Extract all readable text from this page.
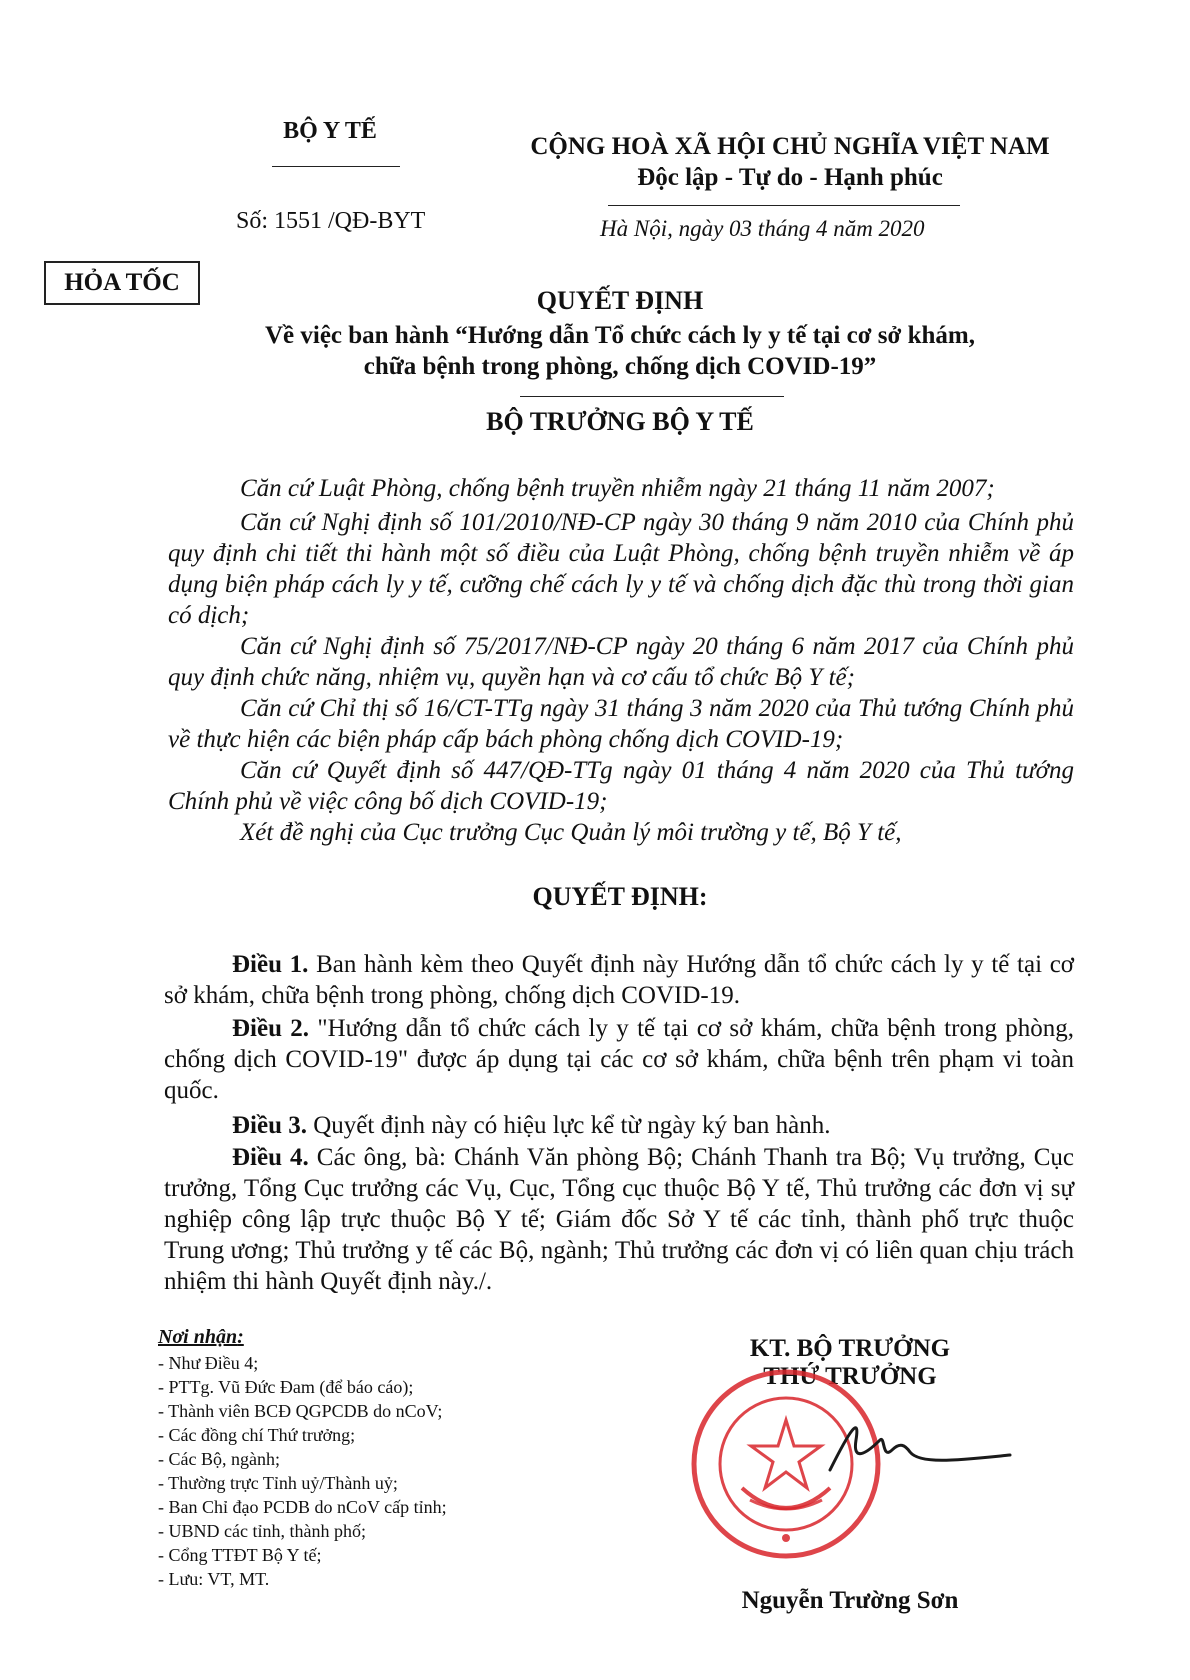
BỘ Y TẾ
CỘNG HOÀ XÃ HỘI CHỦ NGHĨA VIỆT NAM
Độc lập - Tự do - Hạnh phúc
Số: 1551 /QĐ-BYT	Hà Nội, ngày 03 tháng 4 năm 2020
HỎA TỐC
QUYẾT ĐỊNH
Về việc ban hành “Hướng dẫn Tổ chức cách ly y tế tại cơ sở khám,
chữa bệnh trong phòng, chống dịch COVID-19”
BỘ TRƯỞNG BỘ Y TẾ
Căn cứ Luật Phòng, chống bệnh truyền nhiễm ngày 21 tháng 11 năm 2007;
Căn cứ Nghị định số 101/2010/NĐ-CP ngày 30 tháng 9 năm 2010 của Chính phủ quy định chi tiết thi hành một số điều của Luật Phòng, chống bệnh truyền nhiễm về áp dụng biện pháp cách ly y tế, cưỡng chế cách ly y tế và chống dịch đặc thù trong thời gian có dịch;
Căn cứ Nghị định số 75/2017/NĐ-CP ngày 20 tháng 6 năm 2017 của Chính phủ quy định chức năng, nhiệm vụ, quyền hạn và cơ cấu tổ chức Bộ Y tế;
Căn cứ Chỉ thị số 16/CT-TTg ngày 31 tháng 3 năm 2020 của Thủ tướng Chính phủ về thực hiện các biện pháp cấp bách phòng chống dịch COVID-19;
Căn cứ Quyết định số 447/QĐ-TTg ngày 01 tháng 4 năm 2020 của Thủ tướng Chính phủ về việc công bố dịch COVID-19;
Xét đề nghị của Cục trưởng Cục Quản lý môi trường y tế, Bộ Y tế,
QUYẾT ĐỊNH:
Điều 1. Ban hành kèm theo Quyết định này Hướng dẫn tổ chức cách ly y tế tại cơ sở khám, chữa bệnh trong phòng, chống dịch COVID-19.
Điều 2. "Hướng dẫn tổ chức cách ly y tế tại cơ sở khám, chữa bệnh trong phòng, chống dịch COVID-19" được áp dụng tại các cơ sở khám, chữa bệnh trên phạm vi toàn quốc.
Điều 3. Quyết định này có hiệu lực kể từ ngày ký ban hành.
Điều 4. Các ông, bà: Chánh Văn phòng Bộ; Chánh Thanh tra Bộ; Vụ trưởng, Cục trưởng, Tổng Cục trưởng các Vụ, Cục, Tổng cục thuộc Bộ Y tế, Thủ trưởng các đơn vị sự nghiệp công lập trực thuộc Bộ Y tế; Giám đốc Sở Y tế các tỉnh, thành phố trực thuộc Trung ương; Thủ trưởng y tế các Bộ, ngành; Thủ trưởng các đơn vị có liên quan chịu trách nhiệm thi hành Quyết định này./.
Nơi nhận:
- Như Điều 4;
- PTTg. Vũ Đức Đam (để báo cáo);
- Thành viên BCĐ QGPCDB do nCoV;
- Các đồng chí Thứ trưởng;
- Các Bộ, ngành;
- Thường trực Tỉnh uỷ/Thành uỷ;
- Ban Chỉ đạo PCDB do nCoV cấp tỉnh;
- UBND các tỉnh, thành phố;
- Cổng TTĐT Bộ Y tế;
- Lưu: VT, MT.
KT. BỘ TRƯỞNG
THỨ TRƯỞNG
Nguyễn Trường Sơn
